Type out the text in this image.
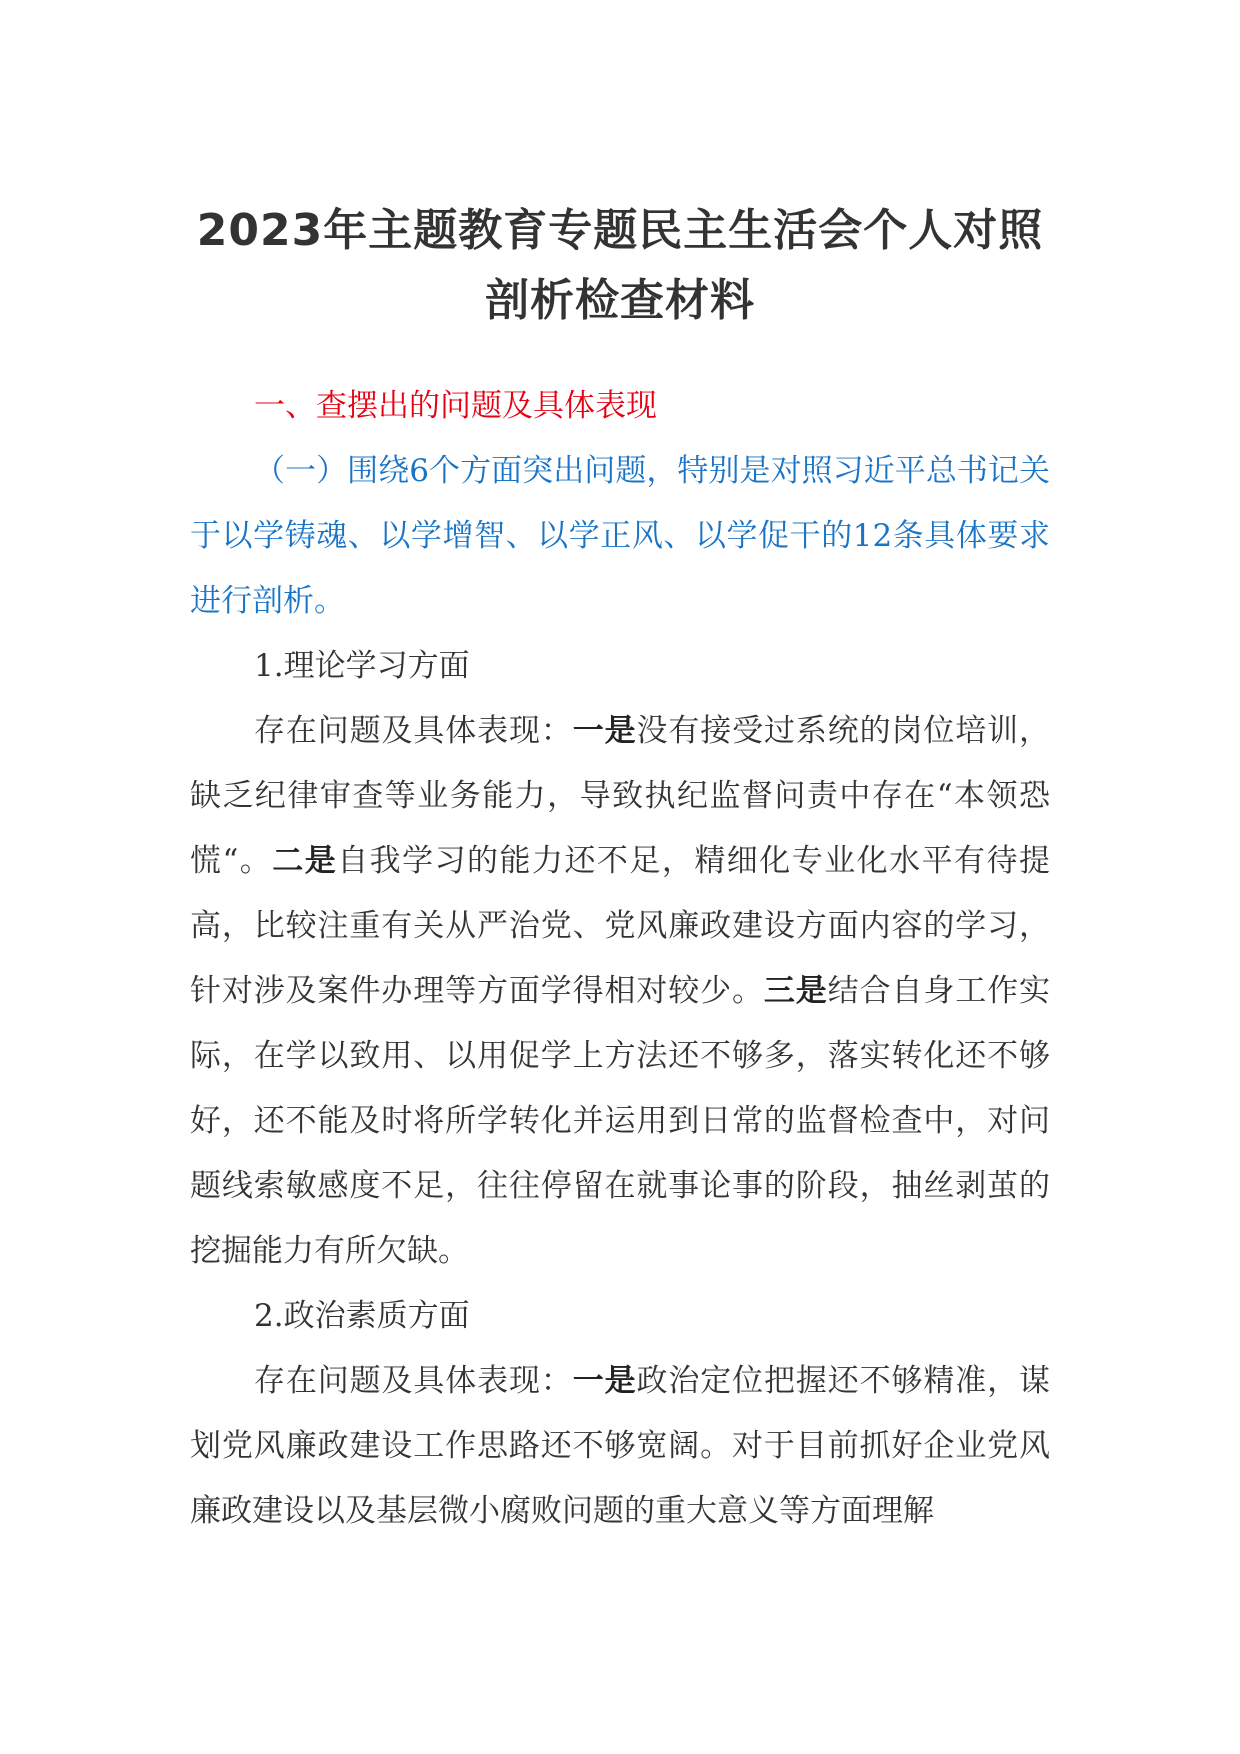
2023年主题教育专题民主生活会个人对照
剖析检查材料

一、查摆出的问题及具体表现

（一）围绕6个方面突出问题，特别是对照习近平总书记关于以学铸魂、以学增智、以学正风、以学促干的12条具体要求进行剖析。

1.理论学习方面

存在问题及具体表现：一是没有接受过系统的岗位培训，缺乏纪律审查等业务能力，导致执纪监督问责中存在“本领恐慌“。二是自我学习的能力还不足，精细化专业化水平有待提高，比较注重有关从严治党、党风廉政建设方面内容的学习，针对涉及案件办理等方面学得相对较少。三是结合自身工作实际，在学以致用、以用促学上方法还不够多，落实转化还不够好，还不能及时将所学转化并运用到日常的监督检查中，对问题线索敏感度不足，往往停留在就事论事的阶段，抽丝剥茧的挖掘能力有所欠缺。

2.政治素质方面

存在问题及具体表现：一是政治定位把握还不够精准，谋划党风廉政建设工作思路还不够宽阔。对于目前抓好企业党风廉政建设以及基层微小腐败问题的重大意义等方面理解
